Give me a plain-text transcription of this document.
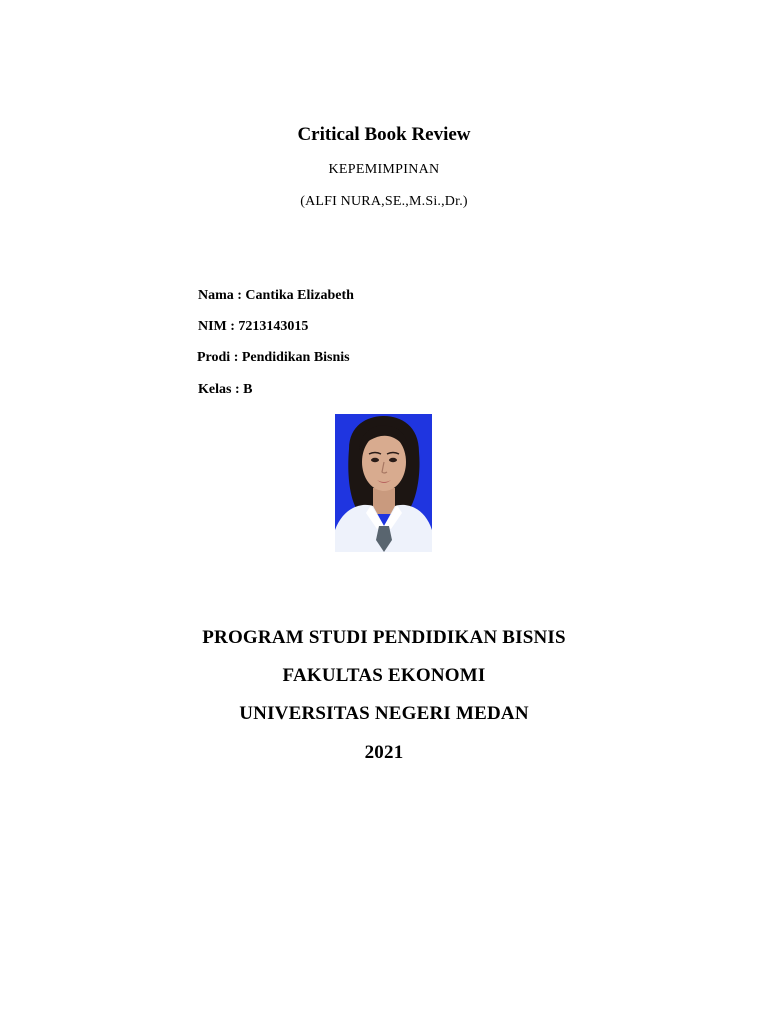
Critical Book Review
KEPEMIMPINAN
(ALFI NURA,SE.,M.Si.,Dr.)
Nama : Cantika Elizabeth
NIM : 7213143015
Prodi : Pendidikan Bisnis
Kelas : B
PROGRAM STUDI PENDIDIKAN BISNIS
FAKULTAS EKONOMI
UNIVERSITAS NEGERI MEDAN
2021
